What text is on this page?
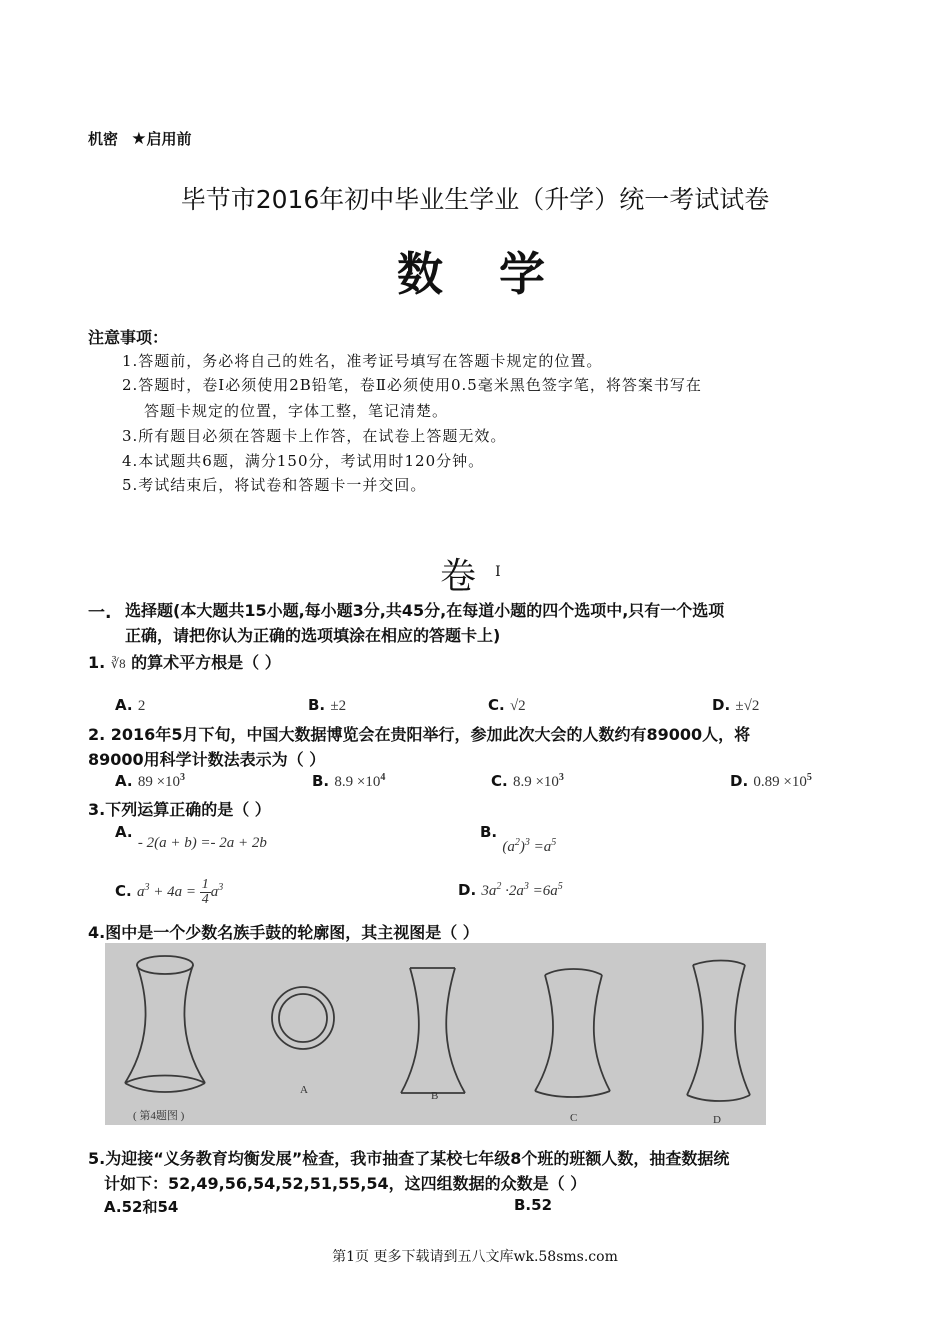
机密 ★启用前
毕节市2016年初中毕业生学业（升学）统一考试试卷
数  学
注意事项：
1.答题前，务必将自己的姓名，准考证号填写在答题卡规定的位置。
2.答题时，卷Ⅰ必须使用2B铅笔，卷Ⅱ必须使用0.5毫米黑色签字笔，将答案书写在
答题卡规定的位置，字体工整，笔记清楚。
3.所有题目必须在答题卡上作答，在试卷上答题无效。
4.本试题共6题，满分150分，考试用时120分钟。
5.考试结束后，将试卷和答题卡一并交回。
卷 I
一. 选择题(本大题共15小题,每小题3分,共45分,在每道小题的四个选项中,只有一个选项
正确，请把你认为正确的选项填涂在相应的答题卡上)
1. ∛8 的算术平方根是（ ）
A. 2	B. ±2	C. √2	D. ±√2
2. 2016年5月下旬，中国大数据博览会在贵阳举行，参加此次大会的人数约有89000人，将
89000用科学计数法表示为（ ）
A. $89 \times 10^3$	B. $8.9 \times 10^4$	C. $8.9 \times 10^3$	D. $0.89 \times 10^5$
3.下列运算正确的是（ ）
A. - 2(a + b) =- 2a + 2b
B. $(a^2)^3 =a^5$
C. $a^3 + 4a = \frac{1}{4} a^3$	D. $3a^2 \cdot 2a^3 =6a^5$
4.图中是一个少数名族手鼓的轮廓图，其主视图是（ ）
( 第4题图 )
A	B
C	D
5.为迎接“义务教育均衡发展”检查，我市抽查了某校七年级8个班的班额人数，抽查数据统
计如下：52,49,56,54,52,51,55,54，这四组数据的众数是（ ）
A.52和54	B.52
第1页 更多下载请到五八文库wk.58sms.com
